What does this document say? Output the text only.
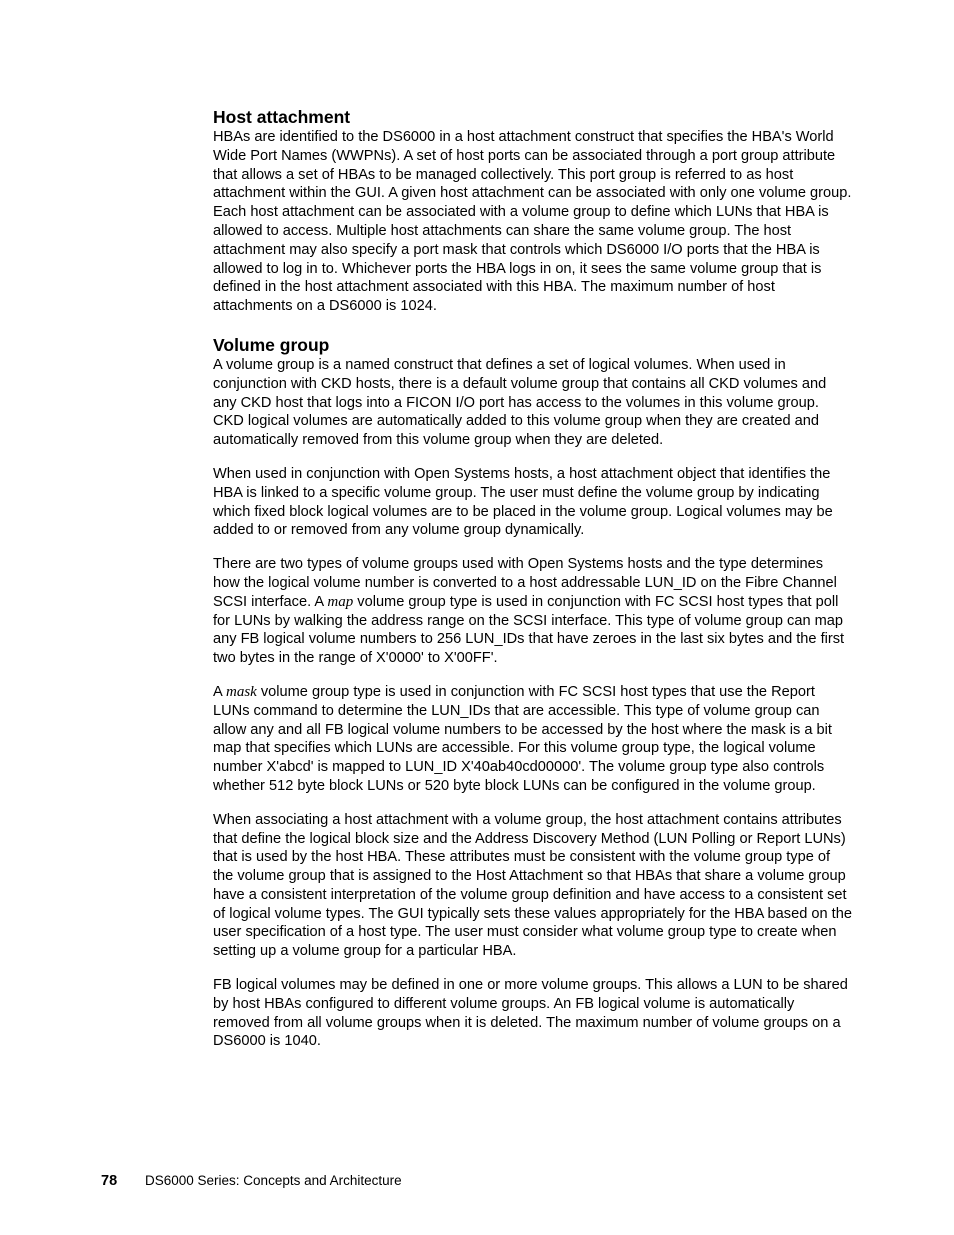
Host attachment

HBAs are identified to the DS6000 in a host attachment construct that specifies the HBA's World Wide Port Names (WWPNs). A set of host ports can be associated through a port group attribute that allows a set of HBAs to be managed collectively. This port group is referred to as host attachment within the GUI. A given host attachment can be associated with only one volume group. Each host attachment can be associated with a volume group to define which LUNs that HBA is allowed to access. Multiple host attachments can share the same volume group. The host attachment may also specify a port mask that controls which DS6000 I/O ports that the HBA is allowed to log in to. Whichever ports the HBA logs in on, it sees the same volume group that is defined in the host attachment associated with this HBA. The maximum number of host attachments on a DS6000 is 1024.

Volume group

A volume group is a named construct that defines a set of logical volumes. When used in conjunction with CKD hosts, there is a default volume group that contains all CKD volumes and any CKD host that logs into a FICON I/O port has access to the volumes in this volume group. CKD logical volumes are automatically added to this volume group when they are created and automatically removed from this volume group when they are deleted.

When used in conjunction with Open Systems hosts, a host attachment object that identifies the HBA is linked to a specific volume group. The user must define the volume group by indicating which fixed block logical volumes are to be placed in the volume group. Logical volumes may be added to or removed from any volume group dynamically.

There are two types of volume groups used with Open Systems hosts and the type determines how the logical volume number is converted to a host addressable LUN_ID on the Fibre Channel SCSI interface. A map volume group type is used in conjunction with FC SCSI host types that poll for LUNs by walking the address range on the SCSI interface. This type of volume group can map any FB logical volume numbers to 256 LUN_IDs that have zeroes in the last six bytes and the first two bytes in the range of X'0000' to X'00FF'.

A mask volume group type is used in conjunction with FC SCSI host types that use the Report LUNs command to determine the LUN_IDs that are accessible. This type of volume group can allow any and all FB logical volume numbers to be accessed by the host where the mask is a bit map that specifies which LUNs are accessible. For this volume group type, the logical volume number X'abcd' is mapped to LUN_ID X'40ab40cd00000'. The volume group type also controls whether 512 byte block LUNs or 520 byte block LUNs can be configured in the volume group.

When associating a host attachment with a volume group, the host attachment contains attributes that define the logical block size and the Address Discovery Method (LUN Polling or Report LUNs) that is used by the host HBA. These attributes must be consistent with the volume group type of the volume group that is assigned to the Host Attachment so that HBAs that share a volume group have a consistent interpretation of the volume group definition and have access to a consistent set of logical volume types. The GUI typically sets these values appropriately for the HBA based on the user specification of a host type. The user must consider what volume group type to create when setting up a volume group for a particular HBA.

FB logical volumes may be defined in one or more volume groups. This allows a LUN to be shared by host HBAs configured to different volume groups. An FB logical volume is automatically removed from all volume groups when it is deleted. The maximum number of volume groups on a DS6000 is 1040.

78 DS6000 Series: Concepts and Architecture
